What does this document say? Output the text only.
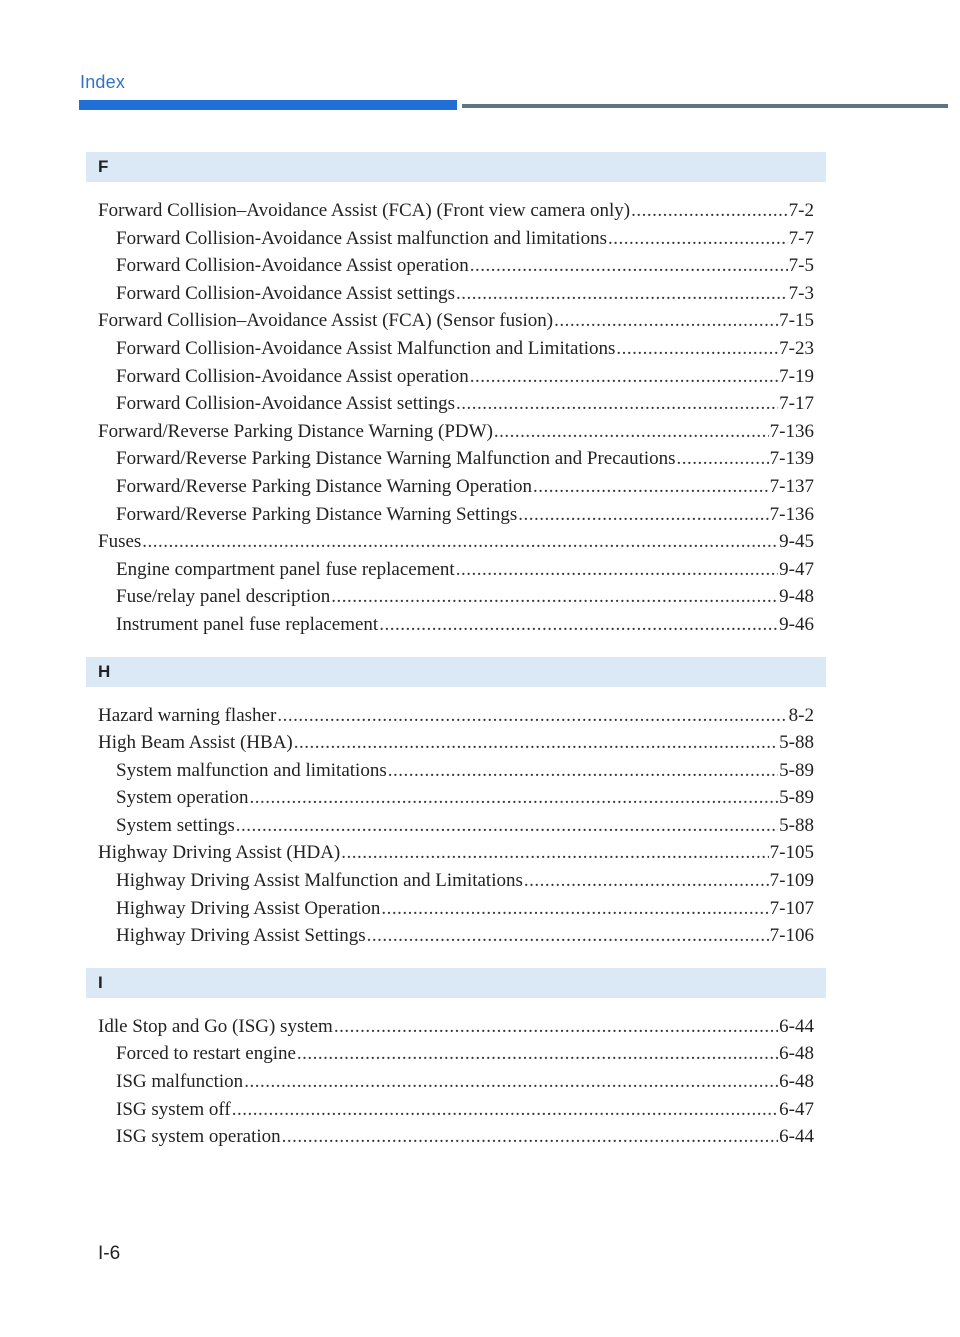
Index
F
Forward Collision–Avoidance Assist (FCA) (Front view camera only) .....	7-2
Forward Collision-Avoidance Assist malfunction and limitations .....	7-7
Forward Collision-Avoidance Assist operation .....	7-5
Forward Collision-Avoidance Assist settings .....	7-3
Forward Collision–Avoidance Assist (FCA) (Sensor fusion) .....	7-15
Forward Collision-Avoidance Assist Malfunction and Limitations .....	7-23
Forward Collision-Avoidance Assist operation .....	7-19
Forward Collision-Avoidance Assist settings .....	7-17
Forward/Reverse Parking Distance Warning (PDW) .....	7-136
Forward/Reverse Parking Distance Warning Malfunction and Precautions .....	7-139
Forward/Reverse Parking Distance Warning Operation .....	7-137
Forward/Reverse Parking Distance Warning Settings .....	7-136
Fuses .....	9-45
Engine compartment panel fuse replacement .....	9-47
Fuse/relay panel description .....	9-48
Instrument panel fuse replacement .....	9-46
H
Hazard warning flasher .....	8-2
High Beam Assist (HBA) .....	5-88
System malfunction and limitations .....	5-89
System operation .....	5-89
System settings .....	5-88
Highway Driving Assist (HDA) .....	7-105
Highway Driving Assist Malfunction and Limitations .....	7-109
Highway Driving Assist Operation .....	7-107
Highway Driving Assist Settings .....	7-106
I
Idle Stop and Go (ISG) system .....	6-44
Forced to restart engine .....	6-48
ISG malfunction .....	6-48
ISG system off .....	6-47
ISG system operation .....	6-44
I-6
